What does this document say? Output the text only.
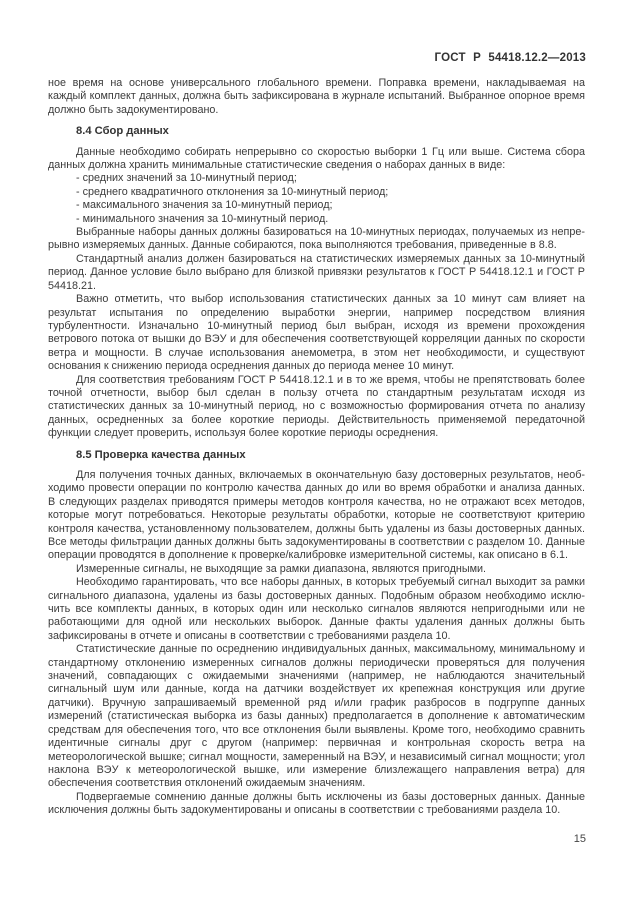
ГОСТ Р 54418.12.2—2013

ное время на основе универсального глобального времени. Поправка времени, накладываемая на каждый комплект данных, должна быть зафиксирована в журнале испытаний. Выбранное опорное время должно быть задокументировано.

8.4 Сбор данных

Данные необходимо собирать непрерывно со скоростью выборки 1 Гц или выше. Система сбора данных должна хранить минимальные статистические сведения о наборах данных в виде:

- средних значений за 10-минутный период;

- среднего квадратичного отклонения за 10-минутный период;

- максимального значения за 10-минутный период;

- минимального значения за 10-минутный период.

Выбранные наборы данных должны базироваться на 10-минутных периодах, получаемых из непрерывно измеряемых данных. Данные собираются, пока выполняются требования, приведенные в 8.8.

Стандартный анализ должен базироваться на статистических измеряемых данных за 10-минутный период. Данное условие было выбрано для близкой привязки результатов к ГОСТ Р 54418.12.1 и ГОСТ Р 54418.21.

Важно отметить, что выбор использования статистических данных за 10 минут сам влияет на результат испытания по определению выработки энергии, например посредством влияния турбулентности. Изначально 10-минутный период был выбран, исходя из времени прохождения ветрового потока от вышки до ВЭУ и для обеспечения соответствующей корреляции данных по скорости ветра и мощности. В случае использования анемометра, в этом нет необходимости, и существуют основания к снижению периода осреднения данных до периода менее 10 минут.

Для соответствия требованиям ГОСТ Р 54418.12.1 и в то же время, чтобы не препятствовать более точной отчетности, выбор был сделан в пользу отчета по стандартным результатам исходя из статистических данных за 10-минутный период, но с возможностью формирования отчета по анализу данных, осредненных за более короткие периоды. Действительность применяемой передаточной функции следует проверить, используя более короткие периоды осреднения.

8.5 Проверка качества данных

Для получения точных данных, включаемых в окончательную базу достоверных результатов, необходимо провести операции по контролю качества данных до или во время обработки и анализа данных. В следующих разделах приводятся примеры методов контроля качества, но не отражают всех методов, которые могут потребоваться. Некоторые результаты обработки, которые не соответствуют критерию контроля качества, установленному пользователем, должны быть удалены из базы достоверных данных. Все методы фильтрации данных должны быть задокументированы в соответствии с разделом 10. Данные операции проводятся в дополнение к проверке/калибровке измерительной системы, как описано в 6.1.

Измеренные сигналы, не выходящие за рамки диапазона, являются пригодными.

Необходимо гарантировать, что все наборы данных, в которых требуемый сигнал выходит за рамки сигнального диапазона, удалены из базы достоверных данных. Подобным образом необходимо исключить все комплекты данных, в которых один или несколько сигналов являются непригодными или не работающими для одной или нескольких выборок. Данные факты удаления данных должны быть зафиксированы в отчете и описаны в соответствии с требованиями раздела 10.

Статистические данные по осреднению индивидуальных данных, максимальному, минимальному и стандартному отклонению измеренных сигналов должны периодически проверяться для получения значений, совпадающих с ожидаемыми значениями (например, не наблюдаются значительный сигнальный шум или данные, когда на датчики воздействует их крепежная конструкция или другие датчики). Вручную запрашиваемый временной ряд и/или график разбросов в подгруппе данных измерений (статистическая выборка из базы данных) предполагается в дополнение к автоматическим средствам для обеспечения того, что все отклонения были выявлены. Кроме того, необходимо сравнить идентичные сигналы друг с другом (например: первичная и контрольная скорость ветра на метеорологической вышке; сигнал мощности, замеренный на ВЭУ, и независимый сигнал мощности; угол наклона ВЭУ к метеорологической вышке, или измерение близлежащего направления ветра) для обеспечения соответствия отклонений ожидаемым значениям.

Подвергаемые сомнению данные должны быть исключены из базы достоверных данных. Данные исключения должны быть задокументированы и описаны в соответствии с требованиями раздела 10.

15
